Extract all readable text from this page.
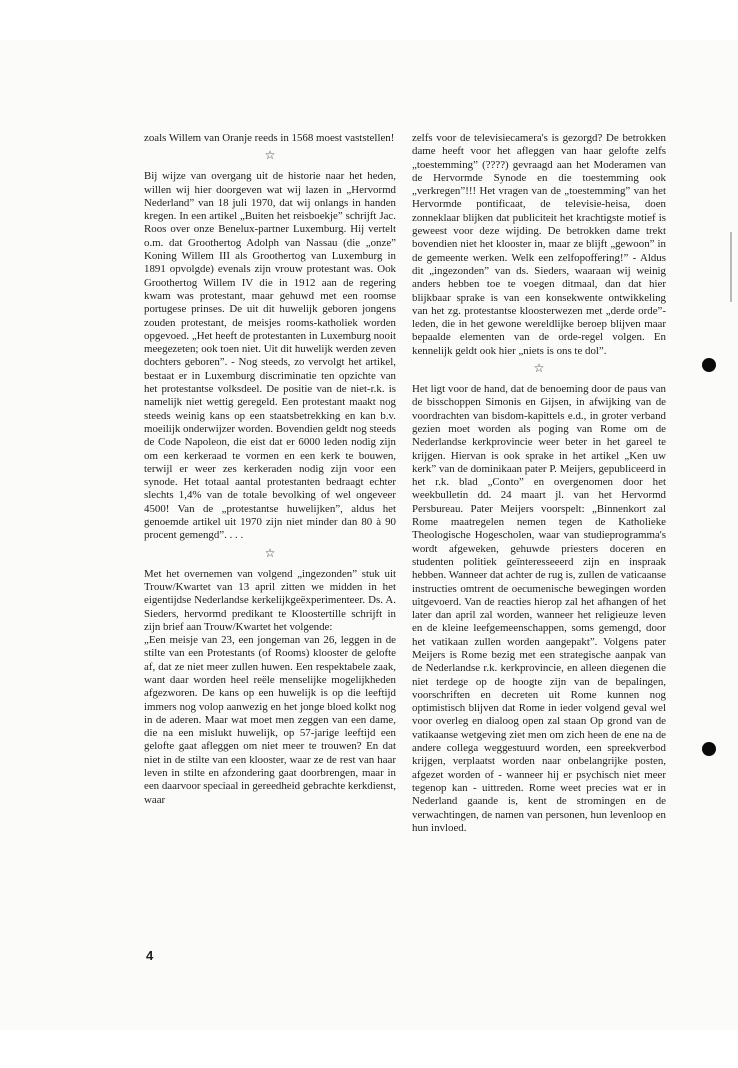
zoals Willem van Oranje reeds in 1568 moest vaststellen!

☆

Bij wijze van overgang uit de historie naar het heden, willen wij hier doorgeven wat wij lazen in „Hervormd Nederland” van 18 juli 1970, dat wij onlangs in handen kregen. In een artikel „Buiten het reisboekje” schrijft Jac. Roos over onze Benelux-partner Luxemburg. Hij vertelt o.m. dat Groothertog Adolph van Nassau (die „onze” Koning Willem III als Groothertog van Luxemburg in 1891 opvolgde) evenals zijn vrouw protestant was. Ook Groothertog Willem IV die in 1912 aan de regering kwam was protestant, maar gehuwd met een roomse portugese prinses. De uit dit huwelijk geboren jongens zouden protestant, de meisjes rooms-katholiek worden opgevoed. „Het heeft de protestanten in Luxemburg nooit meegezeten; ook toen niet. Uit dit huwelijk werden zeven dochters geboren”. - Nog steeds, zo vervolgt het artikel, bestaat er in Luxemburg discriminatie ten opzichte van het protestantse volksdeel. De positie van de niet-r.k. is namelijk niet wettig geregeld. Een protestant maakt nog steeds weinig kans op een staatsbetrekking en kan b.v. moeilijk onderwijzer worden. Bovendien geldt nog steeds de Code Napoleon, die eist dat er 6000 leden nodig zijn om een kerkeraad te vormen en een kerk te bouwen, terwijl er weer zes kerkeraden nodig zijn voor een synode. Het totaal aantal protestanten bedraagt echter slechts 1,4% van de totale bevolking of wel ongeveer 4500! Van de „protestantse huwelijken”, aldus het genoemde artikel uit 1970 zijn niet minder dan 80 à 90 procent gemengd”. . . .

☆

Met het overnemen van volgend „ingezonden” stuk uit Trouw/Kwartet van 13 april zitten we midden in het eigentijdse Nederlandse kerkelijkgeëxperimenteer. Ds. A. Sieders, hervormd predikant te Kloostertille schrijft in zijn brief aan Trouw/Kwartet het volgende:

„Een meisje van 23, een jongeman van 26, leggen in de stilte van een Protestants (of Rooms) klooster de gelofte af, dat ze niet meer zullen huwen. Een respektabele zaak, want daar worden heel reële menselijke mogelijkheden afgezworen. De kans op een huwelijk is op die leeftijd immers nog volop aanwezig en het jonge bloed kolkt nog in de aderen. Maar wat moet men zeggen van een dame, die na een mislukt huwelijk, op 57-jarige leeftijd een gelofte gaat afleggen om niet meer te trouwen? En dat niet in de stilte van een klooster, waar ze de rest van haar leven in stilte en afzondering gaat doorbrengen, maar in een daarvoor speciaal in gereedheid gebrachte kerkdienst, waar

zelfs voor de televisiecamera's is gezorgd? De betrokken dame heeft voor het afleggen van haar gelofte zelfs „toestemming” (????) gevraagd aan het Moderamen van de Hervormde Synode en die toestemming ook „verkregen”!!! Het vragen van de „toestemming” van het Hervormde pontificaat, de televisie-heisa, doen zonneklaar blijken dat publiciteit het krachtigste motief is geweest voor deze wijding. De betrokken dame trekt bovendien niet het klooster in, maar ze blijft „gewoon” in de gemeente werken. Welk een zelfopoffering!” - Aldus dit „ingezonden” van ds. Sieders, waaraan wij weinig anders hebben toe te voegen ditmaal, dan dat hier blijkbaar sprake is van een konsekwente ontwikkeling van het zg. protestantse kloosterwezen met „derde orde”-leden, die in het gewone wereldlijke beroep blijven maar bepaalde elementen van de orde-regel volgen. En kennelijk geldt ook hier „niets is ons te dol”.

☆

Het ligt voor de hand, dat de benoeming door de paus van de bisschoppen Simonis en Gijsen, in afwijking van de voordrachten van bisdom-kapittels e.d., in groter verband gezien moet worden als poging van Rome om de Nederlandse kerkprovincie weer beter in het gareel te krijgen. Hiervan is ook sprake in het artikel „Ken uw kerk” van de dominikaan pater P. Meijers, gepubliceerd in het r.k. blad „Conto” en overgenomen door het weekbulletin dd. 24 maart jl. van het Hervormd Persbureau. Pater Meijers voorspelt: „Binnenkort zal Rome maatregelen nemen tegen de Katholieke Theologische Hogescholen, waar van studieprogramma's wordt afgeweken, gehuwde priesters doceren en studenten politiek geïnteresseeerd zijn en inspraak hebben. Wanneer dat achter de rug is, zullen de vaticaanse instructies omtrent de oecumenische bewegingen worden uitgevoerd. Van de reacties hierop zal het afhangen of het later dan april zal worden, wanneer het religieuze leven en de kleine leefgemeenschappen, soms gemengd, door het vatikaan zullen worden aangepakt”. Volgens pater Meijers is Rome bezig met een strategische aanpak van de Nederlandse r.k. kerkprovincie, en alleen diegenen die niet terdege op de hoogte zijn van de bepalingen, voorschriften en decreten uit Rome kunnen nog optimistisch blijven dat Rome in ieder volgend geval wel voor overleg en dialoog open zal staan Op grond van de vatikaanse wetgeving ziet men om zich heen de ene na de andere collega weggestuurd worden, een spreekverbod krijgen, verplaatst worden naar onbelangrijke posten, afgezet worden of - wanneer hij er psychisch niet meer tegenop kan - uittreden. Rome weet precies wat er in Nederland gaande is, kent de stromingen en de verwachtingen, de namen van personen, hun levenloop en hun invloed.

4
